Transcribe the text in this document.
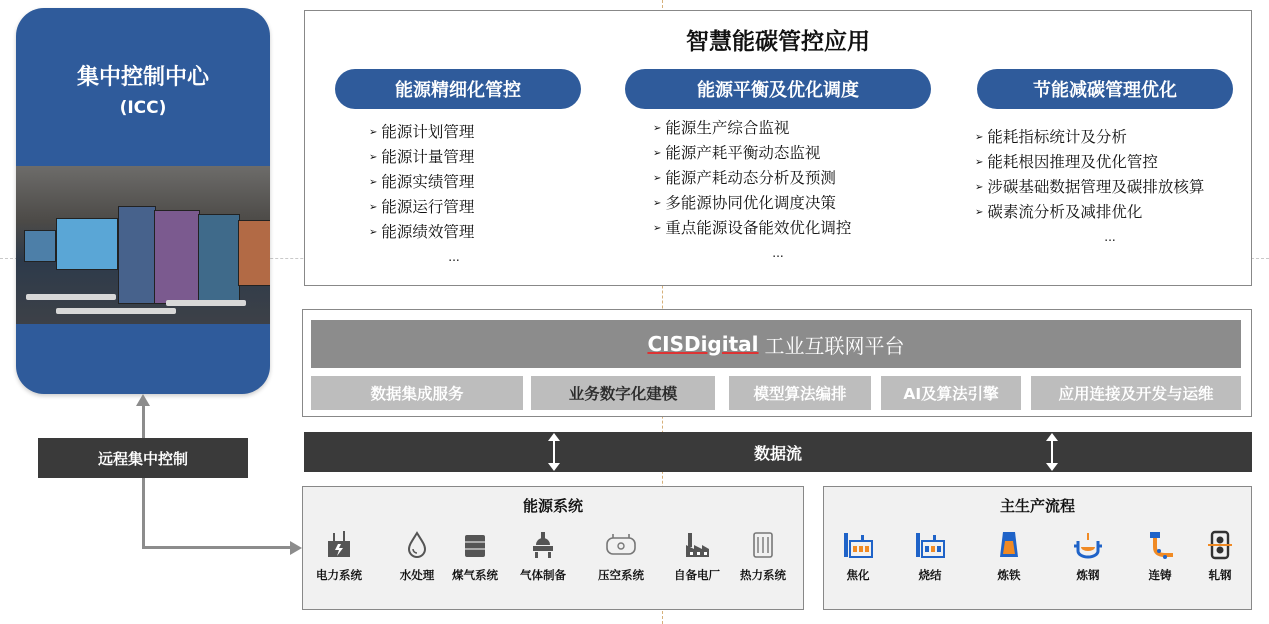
集中控制中心
(ICC)
远程集中控制
智慧能碳管控应用
能源精细化管控	能源平衡及优化调度	节能减碳管理优化
➢ 能源计划管理
➢ 能源计量管理
➢ 能源实绩管理
➢ 能源运行管理
➢ 能源绩效管理
...
➢ 能源生产综合监视
➢ 能源产耗平衡动态监视
➢ 能源产耗动态分析及预测
➢ 多能源协同优化调度决策
➢ 重点能源设备能效优化调控
...
➢ 能耗指标统计及分析
➢ 能耗根因推理及优化管控
➢ 涉碳基础数据管理及碳排放核算
➢ 碳素流分析及减排优化
...
CISDigital 工业互联网平台
数据集成服务	业务数字化建模	模型算法编排	AI及算法引擎	应用连接及开发与运维
数据流
能源系统
电力系统	水处理	煤气系统	气体制备	压空系统	自备电厂	热力系统
主生产流程
焦化	烧结	炼铁	炼钢	连铸	轧钢
